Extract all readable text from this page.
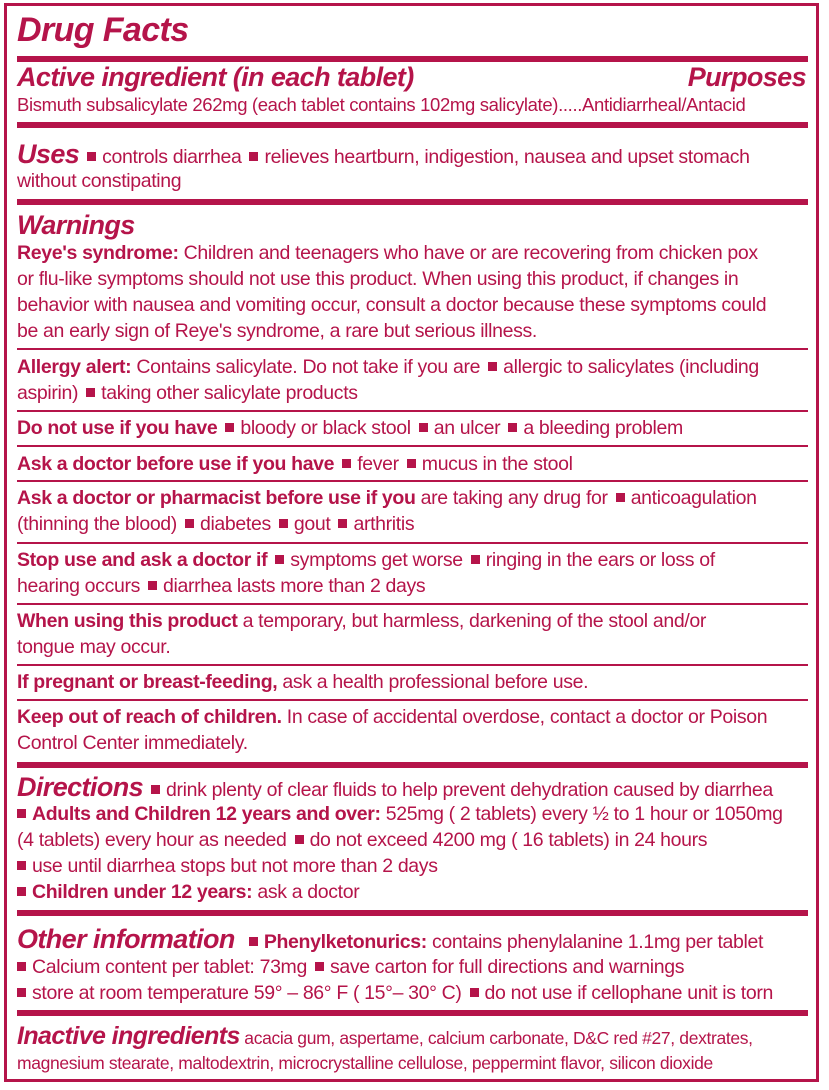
Drug Facts
Active ingredient (in each tablet)	Purposes
Bismuth subsalicylate 262mg (each tablet contains 102mg salicylate).....Antidiarrheal/Antacid
Uses controls diarrhea relieves heartburn, indigestion, nausea and upset stomach
without constipating
Warnings
Reye's syndrome: Children and teenagers who have or are recovering from chicken pox
or flu-like symptoms should not use this product. When using this product, if changes in
behavior with nausea and vomiting occur, consult a doctor because these symptoms could
be an early sign of Reye's syndrome, a rare but serious illness.
Allergy alert: Contains salicylate. Do not take if you are allergic to salicylates (including
aspirin) taking other salicylate products
Do not use if you have bloody or black stool an ulcer a bleeding problem
Ask a doctor before use if you have fever mucus in the stool
Ask a doctor or pharmacist before use if you are taking any drug for anticoagulation
(thinning the blood) diabetes gout arthritis
Stop use and ask a doctor if symptoms get worse ringing in the ears or loss of
hearing occurs diarrhea lasts more than 2 days
When using this product a temporary, but harmless, darkening of the stool and/or
tongue may occur.
If pregnant or breast-feeding, ask a health professional before use.
Keep out of reach of children. In case of accidental overdose, contact a doctor or Poison
Control Center immediately.
Directions drink plenty of clear fluids to help prevent dehydration caused by diarrhea
Adults and Children 12 years and over: 525mg ( 2 tablets) every ½ to 1 hour or 1050mg
(4 tablets) every hour as needed do not exceed 4200 mg ( 16 tablets) in 24 hours
use until diarrhea stops but not more than 2 days
Children under 12 years: ask a doctor
Other information Phenylketonurics: contains phenylalanine 1.1mg per tablet
Calcium content per tablet: 73mg save carton for full directions and warnings
store at room temperature 59° – 86° F ( 15°– 30° C) do not use if cellophane unit is torn
Inactive ingredients acacia gum, aspertame, calcium carbonate, D&C red #27, dextrates,
magnesium stearate, maltodextrin, microcrystalline cellulose, peppermint flavor, silicon dioxide
